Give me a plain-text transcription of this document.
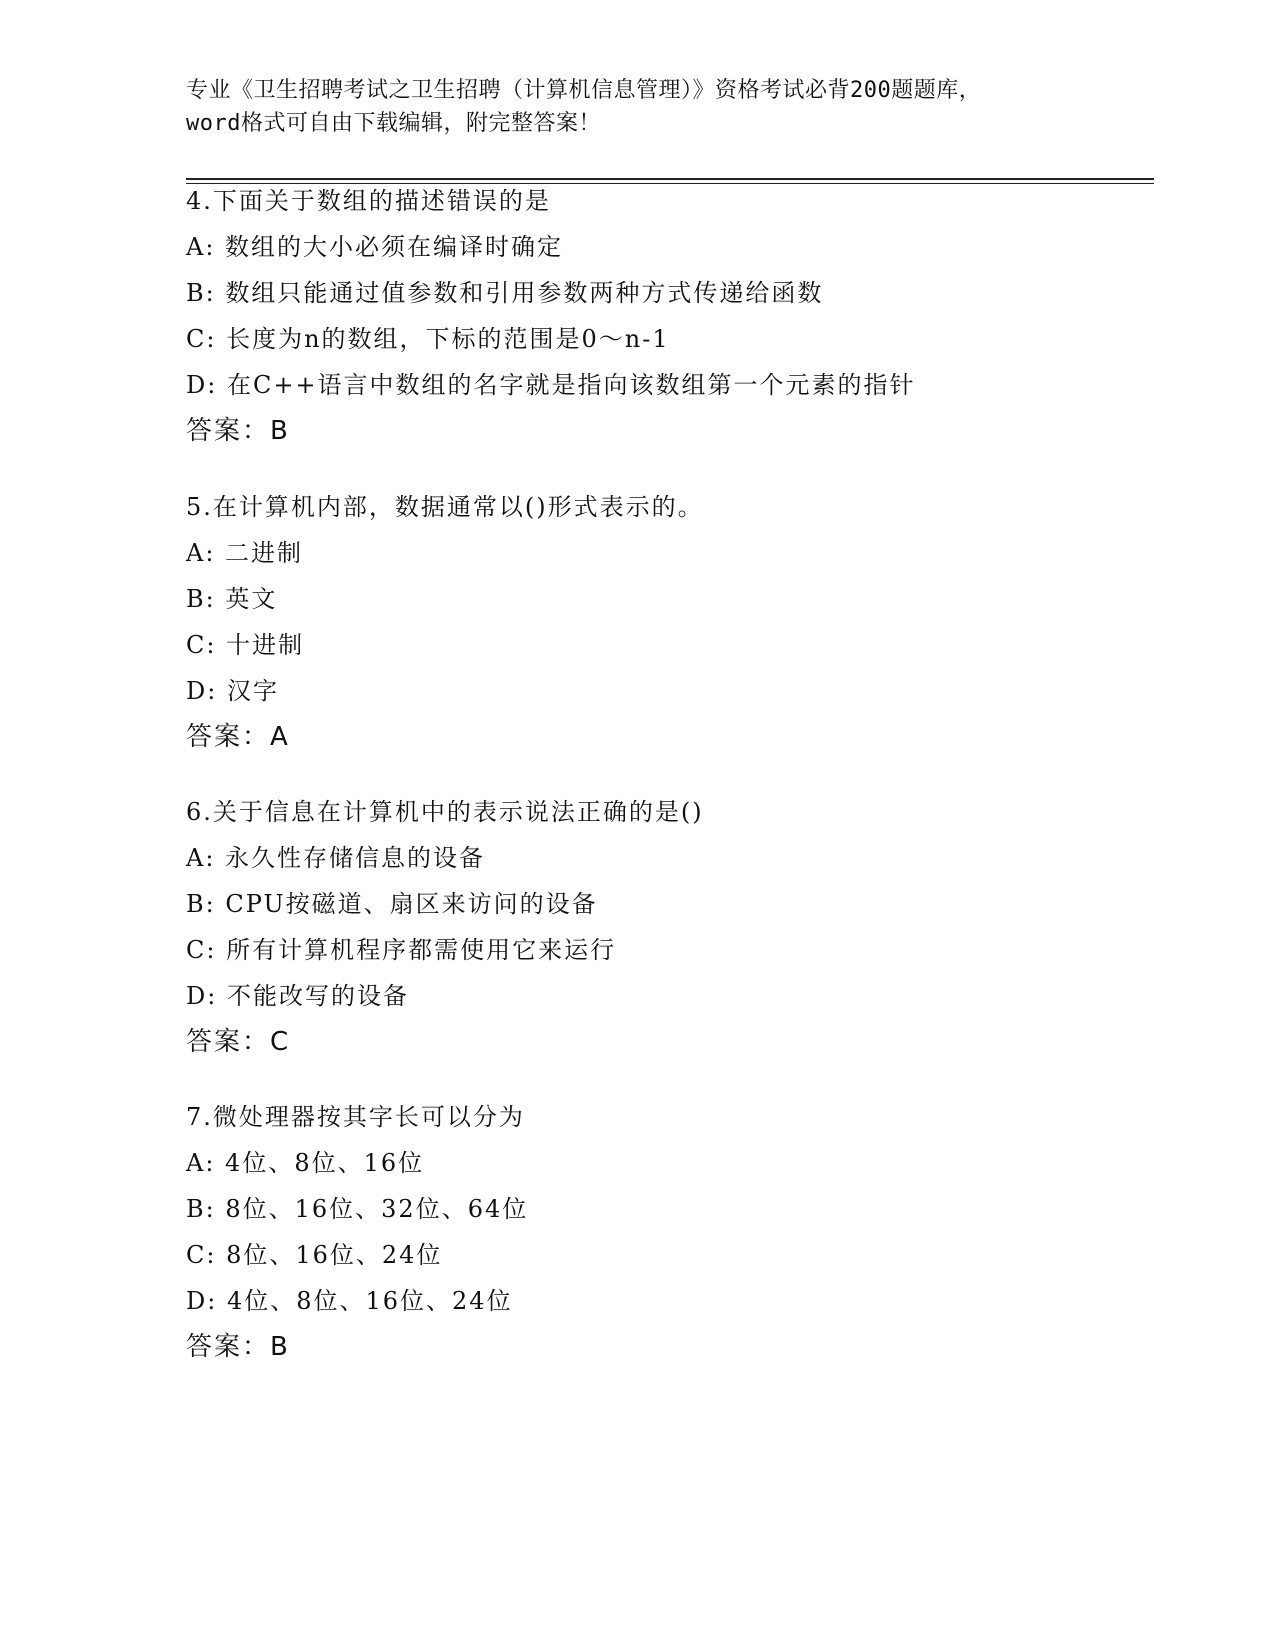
专业《卫生招聘考试之卫生招聘（计算机信息管理）》资格考试必背200题题库，
word格式可自由下载编辑，附完整答案！
4.下面关于数组的描述错误的是
A: 数组的大小必须在编译时确定
B: 数组只能通过值参数和引用参数两种方式传递给函数
C: 长度为n的数组，下标的范围是0～n-1
D: 在C++语言中数组的名字就是指向该数组第一个元素的指针
答案：B
5.在计算机内部，数据通常以()形式表示的。
A: 二进制
B: 英文
C: 十进制
D: 汉字
答案：A
6.关于信息在计算机中的表示说法正确的是()
A: 永久性存储信息的设备
B: CPU按磁道、扇区来访问的设备
C: 所有计算机程序都需使用它来运行
D: 不能改写的设备
答案：C
7.微处理器按其字长可以分为
A: 4位、8位、16位
B: 8位、16位、32位、64位
C: 8位、16位、24位
D: 4位、8位、16位、24位
答案：B
